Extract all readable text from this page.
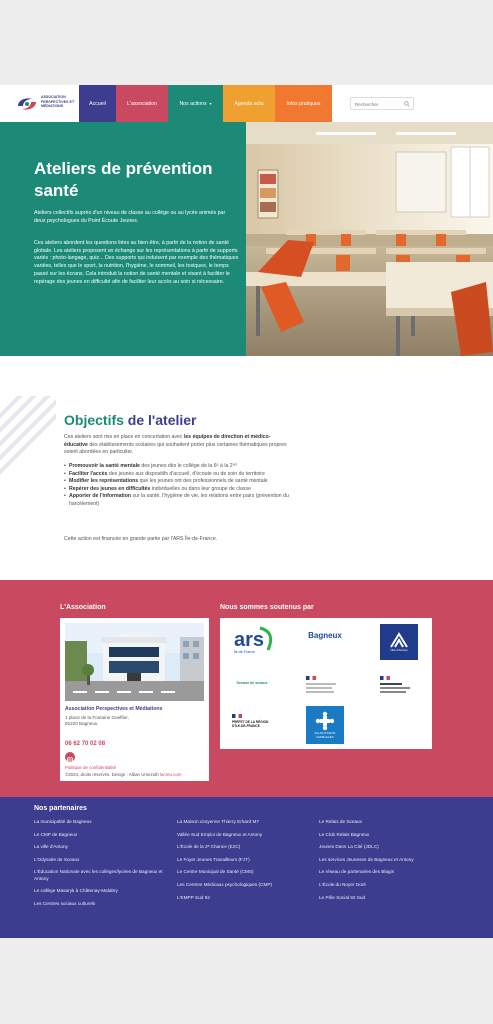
ASSOCIATION PERSPECTIVES ET MÉDIATIONS	Accueil	L'association	Nos actions ▾	Agenda actu	Infos pratiques
Rechercher
Ateliers de prévention santé

Ateliers collectifs auprès d'un niveau de classe au collège ou au lycée animés par deux psychologues du Point Écoute Jeunes.

Ces ateliers abordent les questions liées au bien-être, à partir de la notion de santé globale. Les ateliers proposent un échange sur les représentations à partir de supports variés : photo-langage, quiz... Des supports qui induisent par exemple des thématiques variées, telles que le sport, la nutrition, l'hygiène, le sommeil, les toxiques, le temps passé sur les écrans. Cela introduit la notion de santé mentale et visant à faciliter le repérage des jeunes en difficulté afin de faciliter leur accès au soin si nécessaire.

Objectifs de l'atelier

Ces ateliers sont mis en place en concertation avec les équipes de direction et médico-éducative des établissements scolaires qui souhaitent porter plus certaines thématiques propres soient abordées en particulier.

• Promouvoir la santé mentale des jeunes dès le collège de la 6ᵉ à la 2ⁿᵈ
• Faciliter l'accès des jeunes aux dispositifs d'accueil, d'écoute ou de soin du territoire
• Modifier les représentations que les jeunes ont des professionnels de santé mentale
• Repérer des jeunes en difficultés individuelles ou dans leur groupe de classe
• Apporter de l'information sur la santé, l'hygiène de vie, les relations entre pairs (prévention du harcèlement)

Cette action est financée en grande partie par l'ARS Île-de-France.

L'Association	Nous sommes soutenus par
Association Perspectives et Médiations
1 place de la Fontaine Gueffier,
92220 Bagneux.
06 62 70 02 08
Politique de confidentialité
©2024, droits réservés. Design : Alban Umezuth lacreu.com
ars
Île-de-France
Bagneux
ville d'Antony
Sceaux de sceaux
PRÉFET DE LA RÉGION D'ÎLE-DE-FRANCE
ALLOCATIONS FAMILIALES
Nos partenaires
La municipalité de Bagneux
Le CMP de Bagneux
La ville d'Antony
L'Odyssée de Sceaux
L'Éducation Nationale avec les collèges/lycées de Bagneux et Antony
Le collège Masaryk à Châtenay-Malabry
Les Centres sociaux culturels
La Maison citoyenne Thierry Erhard M7
Vallée Sud Emploi de Bagneux et Antony
L'École de la 2ᵉ Chance (E2C)
Le Foyer Jeunes Travailleurs (FJT)
Le Centre Municipal de Santé (CMS)
Les Centres Médicaux psychologiques (CMP)
L'EMPP Sud 92
Le Relais de Sceaux
Le Club Relais Bagneux
Jeunes Dans La Cité (JDLC)
Les services Jeunesse de Bagneux et Antony
Le réseau de partenaires des Blagis
L'École du Noyer Doré
Le Pôle Social 92 Sud
